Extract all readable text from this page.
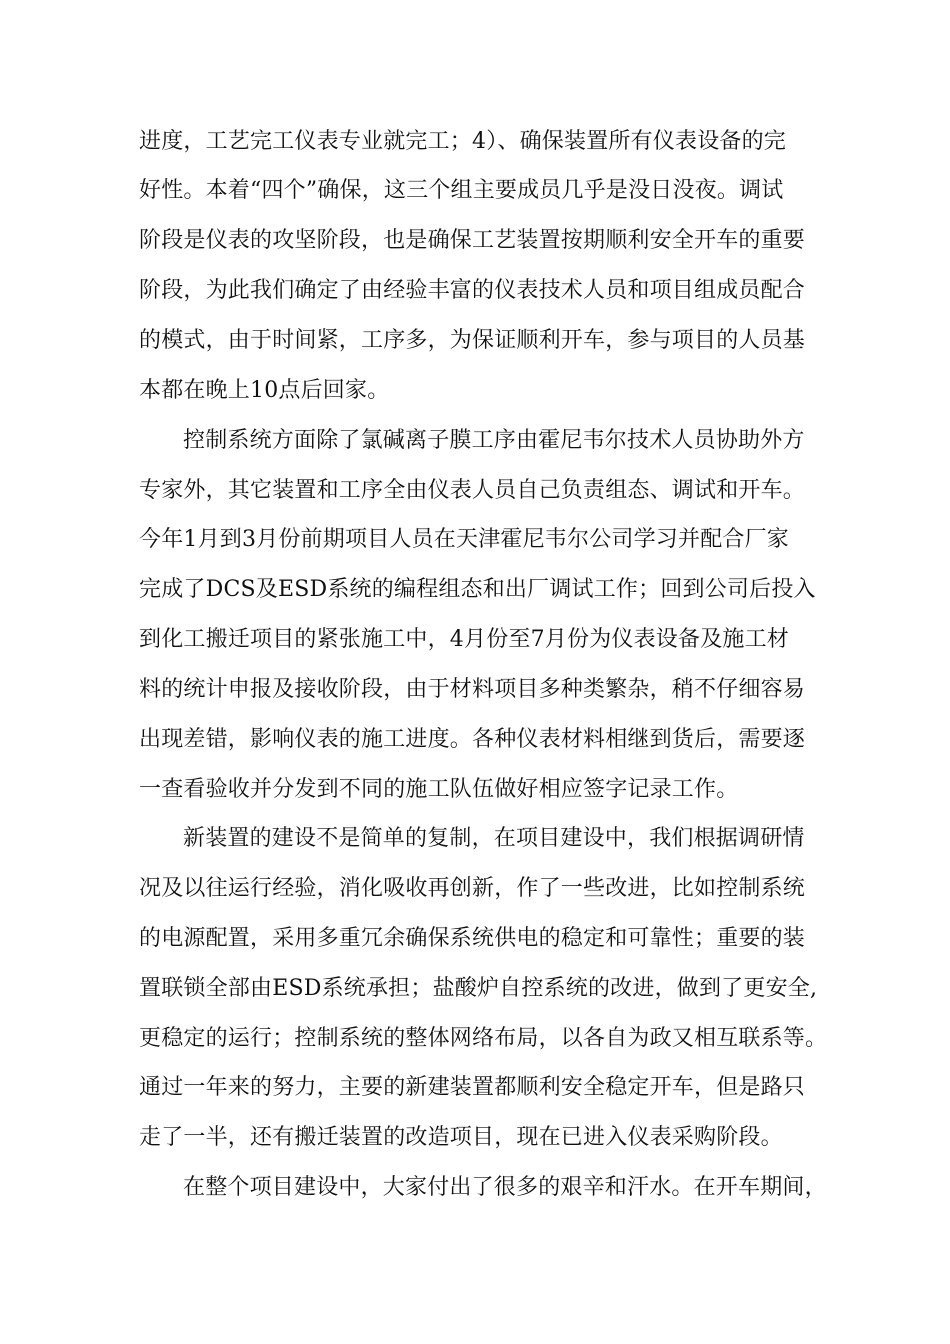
进度，工艺完工仪表专业就完工；4）、确保装置所有仪表设备的完
好性。本着“四个”确保，这三个组主要成员几乎是没日没夜。调试
阶段是仪表的攻坚阶段，也是确保工艺装置按期顺利安全开车的重要
阶段，为此我们确定了由经验丰富的仪表技术人员和项目组成员配合
的模式，由于时间紧，工序多，为保证顺利开车，参与项目的人员基
本都在晚上10点后回家。
控制系统方面除了氯碱离子膜工序由霍尼韦尔技术人员协助外方
专家外，其它装置和工序全由仪表人员自己负责组态、调试和开车。
今年1月到3月份前期项目人员在天津霍尼韦尔公司学习并配合厂家
完成了DCS及ESD系统的编程组态和出厂调试工作；回到公司后投入
到化工搬迁项目的紧张施工中，4月份至7月份为仪表设备及施工材
料的统计申报及接收阶段，由于材料项目多种类繁杂，稍不仔细容易
出现差错，影响仪表的施工进度。各种仪表材料相继到货后，需要逐
一查看验收并分发到不同的施工队伍做好相应签字记录工作。
新装置的建设不是简单的复制，在项目建设中，我们根据调研情
况及以往运行经验，消化吸收再创新，作了一些改进，比如控制系统
的电源配置，采用多重冗余确保系统供电的稳定和可靠性；重要的装
置联锁全部由ESD系统承担；盐酸炉自控系统的改进，做到了更安全,
更稳定的运行；控制系统的整体网络布局，以各自为政又相互联系等。
通过一年来的努力，主要的新建装置都顺利安全稳定开车，但是路只
走了一半，还有搬迁装置的改造项目，现在已进入仪表采购阶段。
在整个项目建设中，大家付出了很多的艰辛和汗水。在开车期间，
